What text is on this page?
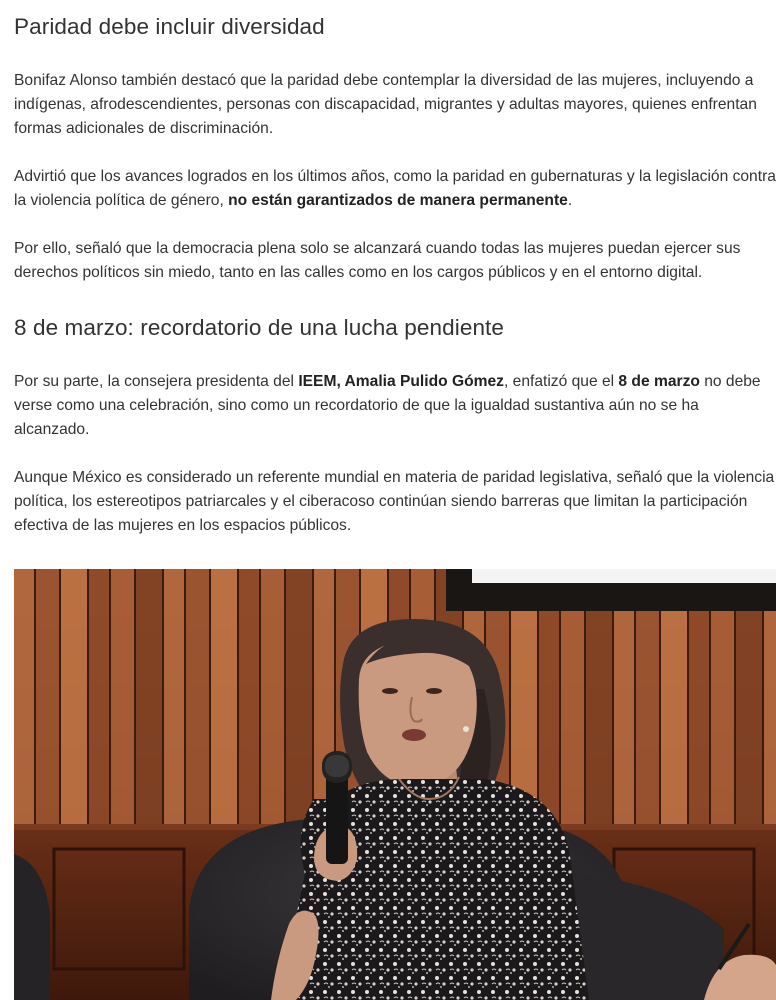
Paridad debe incluir diversidad

Bonifaz Alonso también destacó que la paridad debe contemplar la diversidad de las mujeres, incluyendo a indígenas, afrodescendientes, personas con discapacidad, migrantes y adultas mayores, quienes enfrentan formas adicionales de discriminación.

Advirtió que los avances logrados en los últimos años, como la paridad en gubernaturas y la legislación contra la violencia política de género, no están garantizados de manera permanente.

Por ello, señaló que la democracia plena solo se alcanzará cuando todas las mujeres puedan ejercer sus derechos políticos sin miedo, tanto en las calles como en los cargos públicos y en el entorno digital.

8 de marzo: recordatorio de una lucha pendiente

Por su parte, la consejera presidenta del IEEM, Amalia Pulido Gómez, enfatizó que el 8 de marzo no debe verse como una celebración, sino como un recordatorio de que la igualdad sustantiva aún no se ha alcanzado.

Aunque México es considerado un referente mundial en materia de paridad legislativa, señaló que la violencia política, los estereotipos patriarcales y el ciberacoso continúan siendo barreras que limitan la participación efectiva de las mujeres en los espacios públicos.
